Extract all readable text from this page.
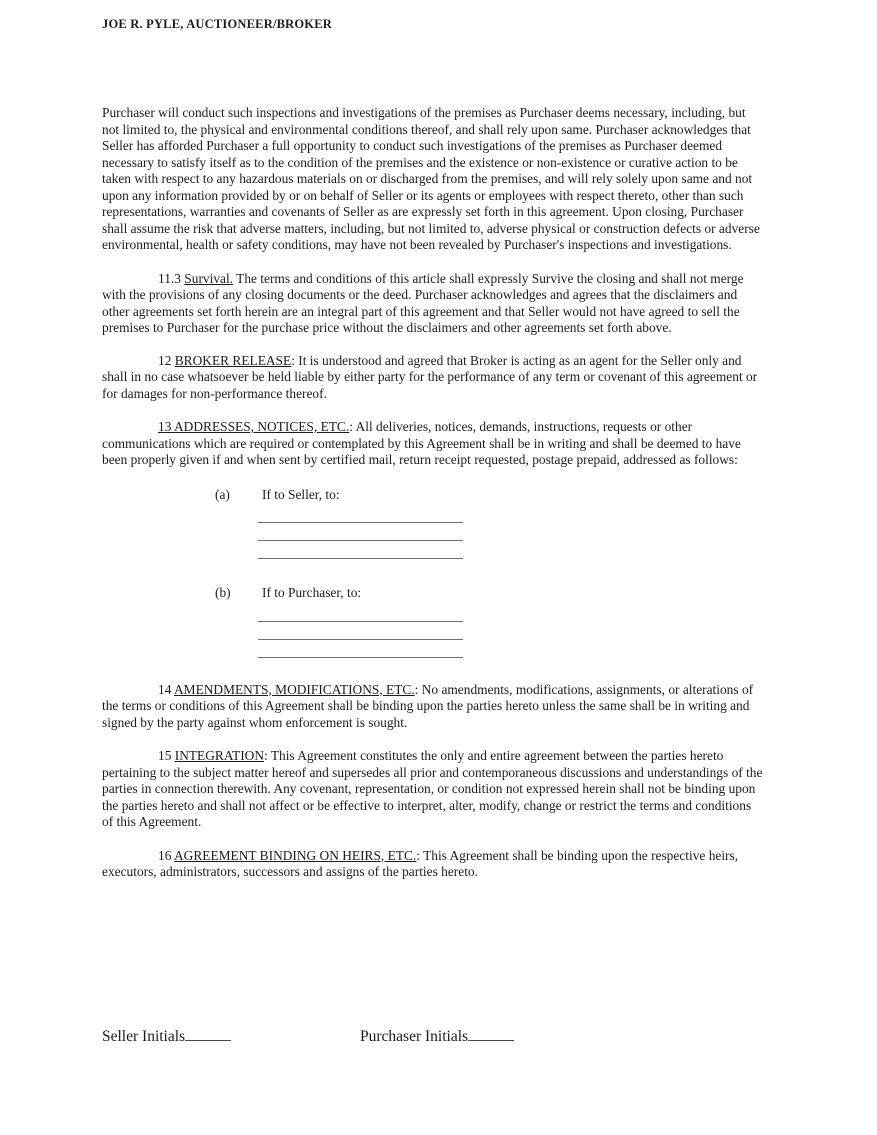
JOE R. PYLE, AUCTIONEER/BROKER

Purchaser will conduct such inspections and investigations of the premises as Purchaser deems necessary, including, but not limited to, the physical and environmental conditions thereof, and shall rely upon same. Purchaser acknowledges that Seller has afforded Purchaser a full opportunity to conduct such investigations of the premises as Purchaser deemed necessary to satisfy itself as to the condition of the premises and the existence or non-existence or curative action to be taken with respect to any hazardous materials on or discharged from the premises, and will rely solely upon same and not upon any information provided by or on behalf of Seller or its agents or employees with respect thereto, other than such representations, warranties and covenants of Seller as are expressly set forth in this agreement. Upon closing, Purchaser shall assume the risk that adverse matters, including, but not limited to, adverse physical or construction defects or adverse environmental, health or safety conditions, may have not been revealed by Purchaser's inspections and investigations.

11.3 Survival. The terms and conditions of this article shall expressly Survive the closing and shall not merge with the provisions of any closing documents or the deed. Purchaser acknowledges and agrees that the disclaimers and other agreements set forth herein are an integral part of this agreement and that Seller would not have agreed to sell the premises to Purchaser for the purchase price without the disclaimers and other agreements set forth above.

12 BROKER RELEASE: It is understood and agreed that Broker is acting as an agent for the Seller only and shall in no case whatsoever be held liable by either party for the performance of any term or covenant of this agreement or for damages for non-performance thereof.

13 ADDRESSES, NOTICES, ETC.: All deliveries, notices, demands, instructions, requests or other communications which are required or contemplated by this Agreement shall be in writing and shall be deemed to have been properly given if and when sent by certified mail, return receipt requested, postage prepaid, addressed as follows:

(a) If to Seller, to:
(b) If to Purchaser, to:

14 AMENDMENTS, MODIFICATIONS, ETC.: No amendments, modifications, assignments, or alterations of the terms or conditions of this Agreement shall be binding upon the parties hereto unless the same shall be in writing and signed by the party against whom enforcement is sought.

15 INTEGRATION: This Agreement constitutes the only and entire agreement between the parties hereto pertaining to the subject matter hereof and supersedes all prior and contemporaneous discussions and understandings of the parties in connection therewith. Any covenant, representation, or condition not expressed herein shall not be binding upon the parties hereto and shall not affect or be effective to interpret, alter, modify, change or restrict the terms and conditions of this Agreement.

16 AGREEMENT BINDING ON HEIRS, ETC.: This Agreement shall be binding upon the respective heirs, executors, administrators, successors and assigns of the parties hereto.

Seller Initials	Purchaser Initials
